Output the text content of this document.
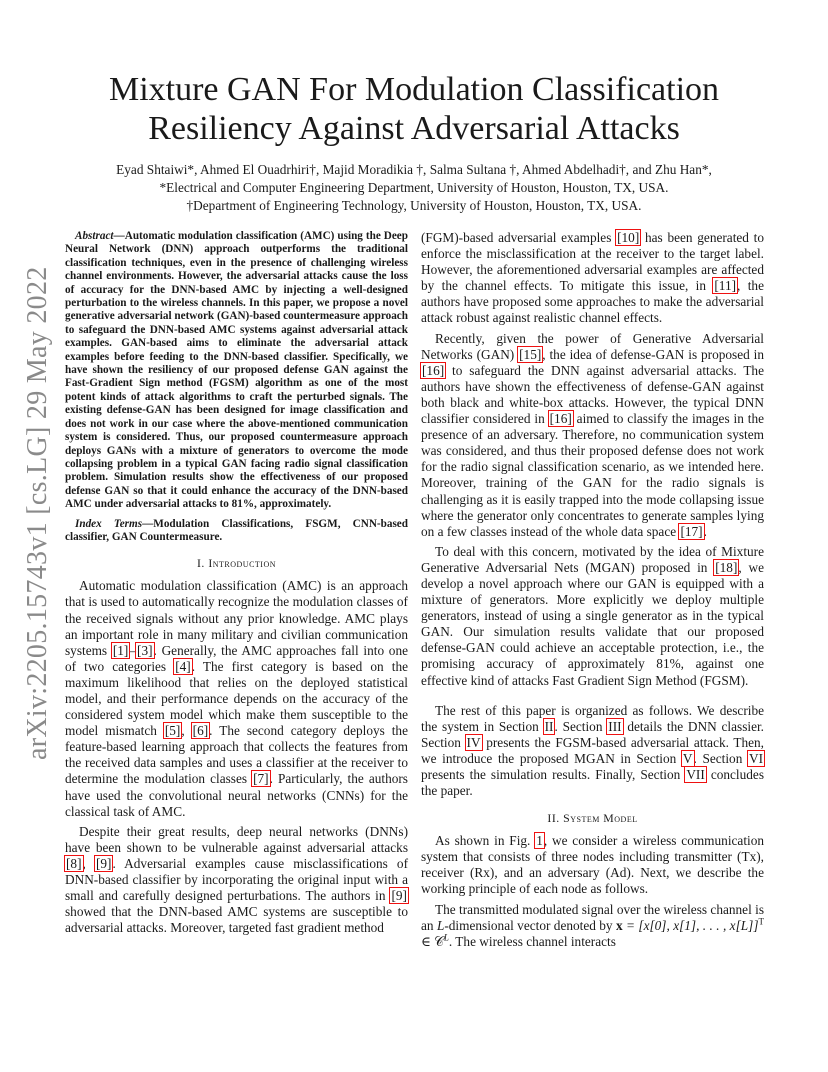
arXiv:2205.15743v1 [cs.LG] 29 May 2022
Mixture GAN For Modulation Classification
Resiliency Against Adversarial Attacks
Eyad Shtaiwi*, Ahmed El Ouadrhiri†, Majid Moradikia †, Salma Sultana †, Ahmed Abdelhadi†, and Zhu Han*,
*Electrical and Computer Engineering Department, University of Houston, Houston, TX, USA.
†Department of Engineering Technology, University of Houston, Houston, TX, USA.

Abstract—Automatic modulation classification (AMC) using the Deep Neural Network (DNN) approach outperforms the traditional classification techniques, even in the presence of challenging wireless channel environments. However, the adversarial attacks cause the loss of accuracy for the DNN-based AMC by injecting a well-designed perturbation to the wireless channels. In this paper, we propose a novel generative adversarial network (GAN)-based countermeasure approach to safeguard the DNN-based AMC systems against adversarial attack examples. GAN-based aims to eliminate the adversarial attack examples before feeding to the DNN-based classifier. Specifically, we have shown the resiliency of our proposed defense GAN against the Fast-Gradient Sign method (FGSM) algorithm as one of the most potent kinds of attack algorithms to craft the perturbed signals. The existing defense-GAN has been designed for image classification and does not work in our case where the above-mentioned communication system is considered. Thus, our proposed countermeasure approach deploys GANs with a mixture of generators to overcome the mode collapsing problem in a typical GAN facing radio signal classification problem. Simulation results show the effectiveness of our proposed defense GAN so that it could enhance the accuracy of the DNN-based AMC under adversarial attacks to 81%, approximately.

Index Terms—Modulation Classifications, FSGM, CNN-based classifier, GAN Countermeasure.

I. Introduction

Automatic modulation classification (AMC) is an approach that is used to automatically recognize the modulation classes of the received signals without any prior knowledge. AMC plays an important role in many military and civilian communication systems [1]–[3]. Generally, the AMC approaches fall into one of two categories [4]. The first category is based on the maximum likelihood that relies on the deployed statistical model, and their performance depends on the accuracy of the considered system model which make them susceptible to the model mismatch [5], [6]. The second category deploys the feature-based learning approach that collects the features from the received data samples and uses a classifier at the receiver to determine the modulation classes [7]. Particularly, the authors have used the convolutional neural networks (CNNs) for the classical task of AMC.

Despite their great results, deep neural networks (DNNs) have been shown to be vulnerable against adversarial attacks [8], [9]. Adversarial examples cause misclassifications of DNN-based classifier by incorporating the original input with a small and carefully designed perturbations. The authors in [9] showed that the DNN-based AMC systems are susceptible to adversarial attacks. Moreover, targeted fast gradient method

(FGM)-based adversarial examples [10] has been generated to enforce the misclassification at the receiver to the target label. However, the aforementioned adversarial examples are affected by the channel effects. To mitigate this issue, in [11], the authors have proposed some approaches to make the adversarial attack robust against realistic channel effects.

Recently, given the power of Generative Adversarial Networks (GAN) [15], the idea of defense-GAN is proposed in [16] to safeguard the DNN against adversarial attacks. The authors have shown the effectiveness of defense-GAN against both black and white-box attacks. However, the typical DNN classifier considered in [16] aimed to classify the images in the presence of an adversary. Therefore, no communication system was considered, and thus their proposed defense does not work for the radio signal classification scenario, as we intended here. Moreover, training of the GAN for the radio signals is challenging as it is easily trapped into the mode collapsing issue where the generator only concentrates to generate samples lying on a few classes instead of the whole data space [17].

To deal with this concern, motivated by the idea of Mixture Generative Adversarial Nets (MGAN) proposed in [18], we develop a novel approach where our GAN is equipped with a mixture of generators. More explicitly we deploy multiple generators, instead of using a single generator as in the typical GAN. Our simulation results validate that our proposed defense-GAN could achieve an acceptable protection, i.e., the promising accuracy of approximately 81%, against one effective kind of attacks Fast Gradient Sign Method (FGSM).

The rest of this paper is organized as follows. We describe the system in Section II. Section III details the DNN classier. Section IV presents the FGSM-based adversarial attack. Then, we introduce the proposed MGAN in Section V. Section VI presents the simulation results. Finally, Section VII concludes the paper.

II. System Model

As shown in Fig. 1, we consider a wireless communication system that consists of three nodes including transmitter (Tx), receiver (Rx), and an adversary (Ad). Next, we describe the working principle of each node as follows.

The transmitted modulated signal over the wireless channel is an L-dimensional vector denoted by x = [x[0], x[1], . . . , x[L]]$^T$ ∈ 𝒞$^L$. The wireless channel interacts
